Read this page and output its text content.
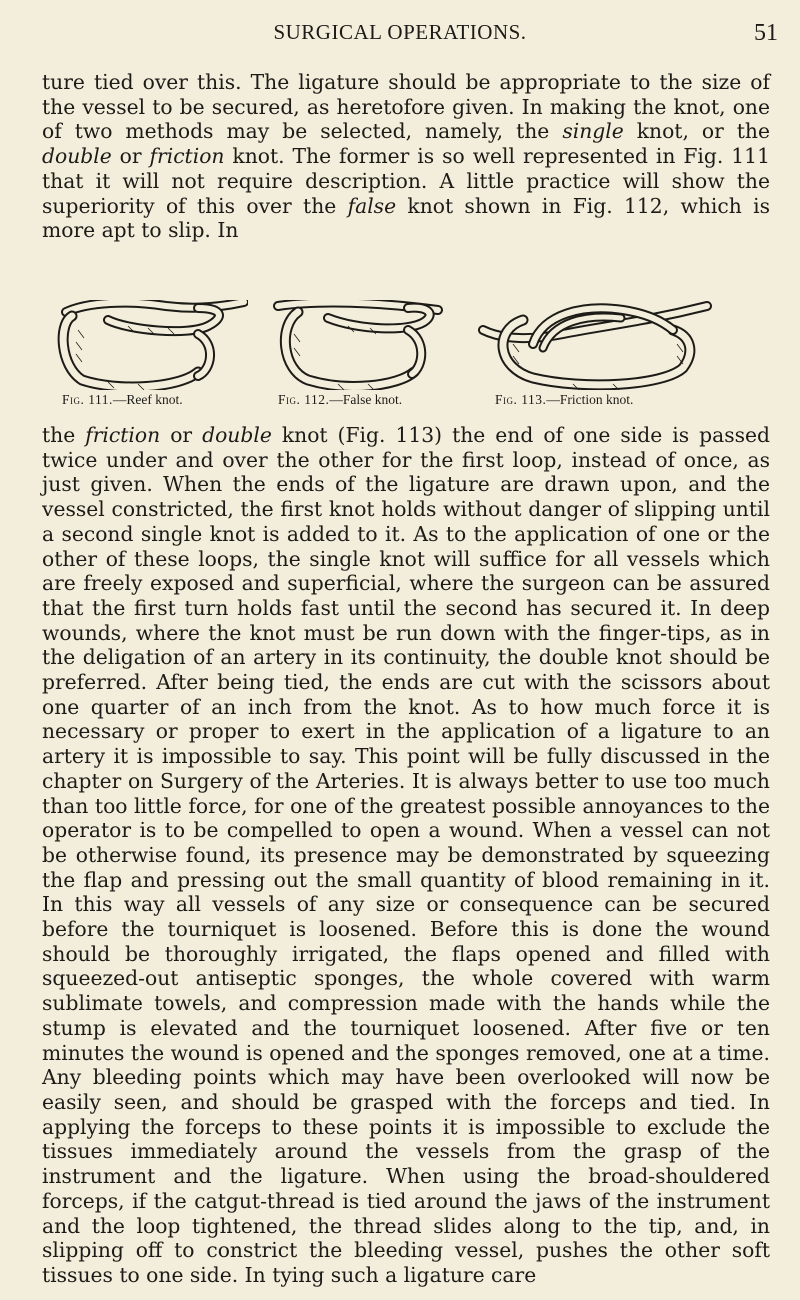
SURGICAL OPERATIONS.	51

ture tied over this. The ligature should be appropriate to the size of the vessel to be secured, as heretofore given. In making the knot, one of two methods may be selected, namely, the single knot, or the double or friction knot. The former is so well represented in Fig. 111 that it will not require description. A little practice will show the superiority of this over the false knot shown in Fig. 112, which is more apt to slip. In

Fig. 111.—Reef knot.	Fig. 112.—False knot.	Fig. 113.—Friction knot.

the friction or double knot (Fig. 113) the end of one side is passed twice under and over the other for the first loop, instead of once, as just given. When the ends of the ligature are drawn upon, and the vessel constricted, the first knot holds without danger of slipping until a second single knot is added to it. As to the application of one or the other of these loops, the single knot will suffice for all vessels which are freely exposed and superficial, where the surgeon can be assured that the first turn holds fast until the second has secured it. In deep wounds, where the knot must be run down with the finger-tips, as in the deligation of an artery in its continuity, the double knot should be preferred. After being tied, the ends are cut with the scissors about one quarter of an inch from the knot. As to how much force it is necessary or proper to exert in the application of a ligature to an artery it is impossible to say. This point will be fully discussed in the chapter on Surgery of the Arteries. It is always better to use too much than too little force, for one of the greatest possible annoyances to the operator is to be compelled to open a wound. When a vessel can not be otherwise found, its presence may be demonstrated by squeezing the flap and pressing out the small quantity of blood remaining in it. In this way all vessels of any size or consequence can be secured before the tourniquet is loosened. Before this is done the wound should be thoroughly irrigated, the flaps opened and filled with squeezed-out antiseptic sponges, the whole covered with warm sublimate towels, and compression made with the hands while the stump is elevated and the tourniquet loosened. After five or ten minutes the wound is opened and the sponges removed, one at a time. Any bleeding points which may have been overlooked will now be easily seen, and should be grasped with the forceps and tied. In applying the forceps to these points it is impossible to exclude the tissues immediately around the vessels from the grasp of the instrument and the ligature. When using the broad-shouldered forceps, if the catgut-thread is tied around the jaws of the instrument and the loop tightened, the thread slides along to the tip, and, in slipping off to constrict the bleeding vessel, pushes the other soft tissues to one side. In tying such a ligature care
